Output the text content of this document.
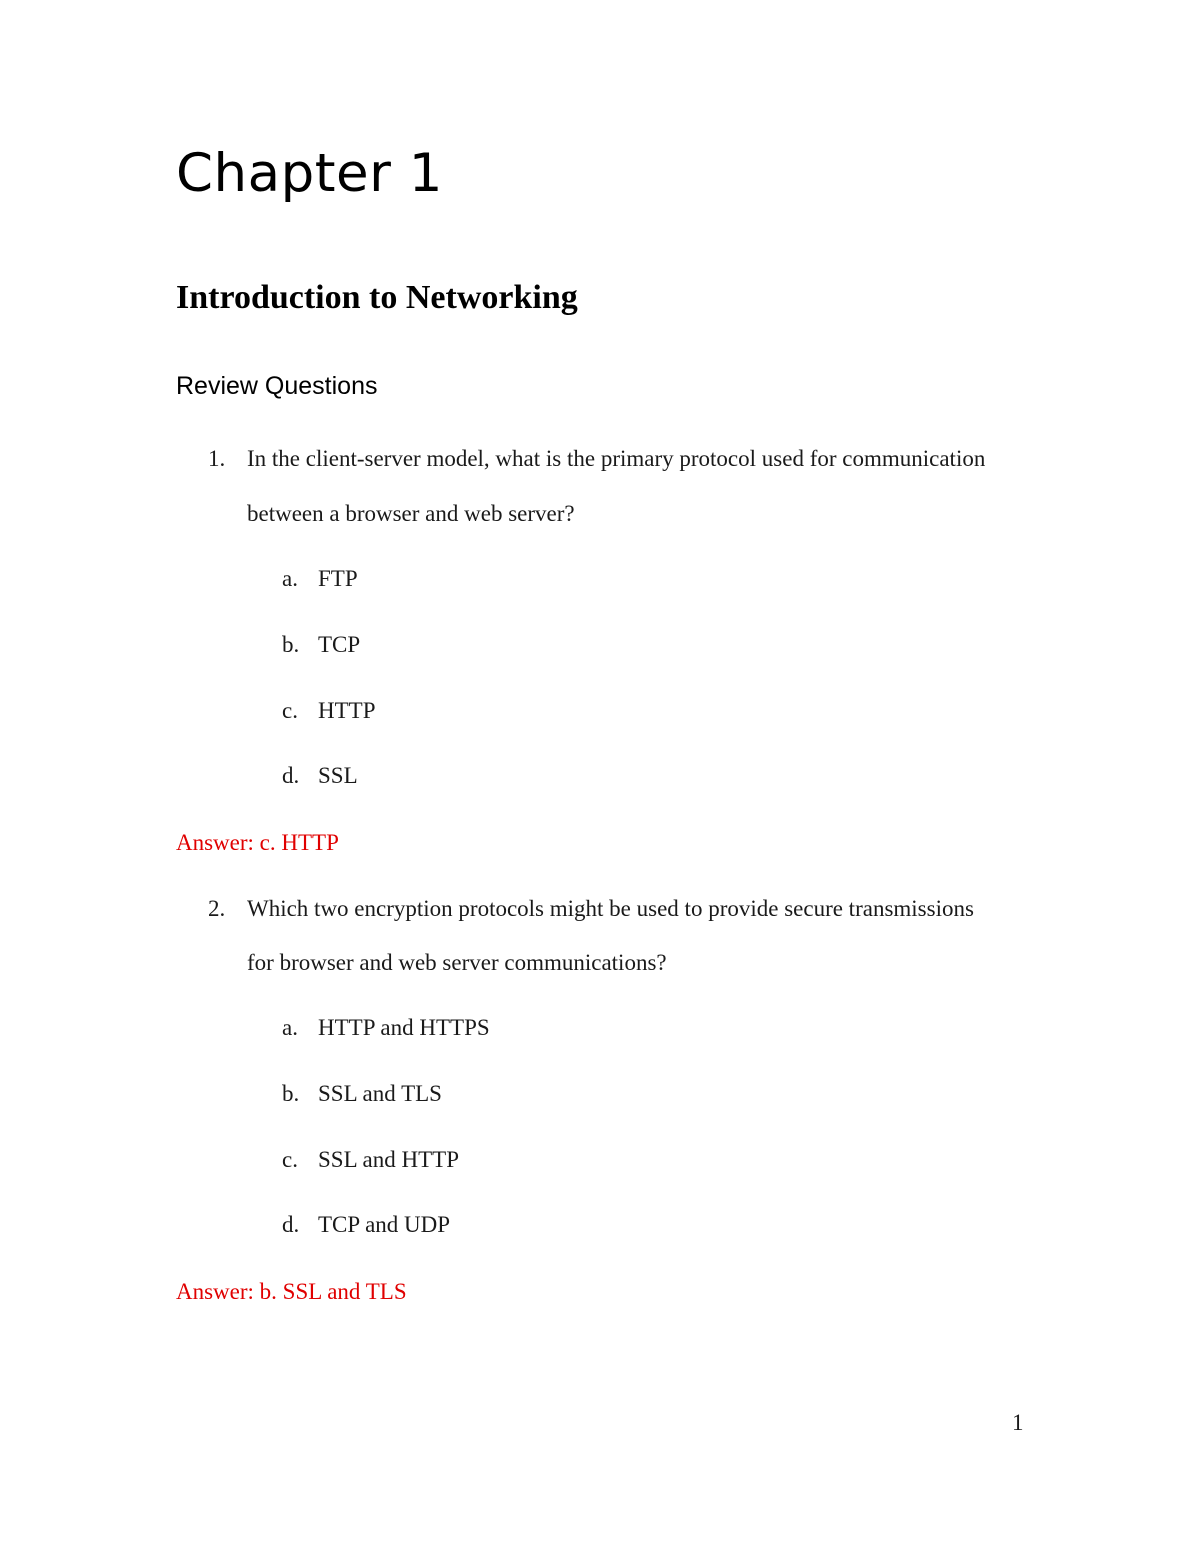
Chapter 1
Introduction to Networking
Review Questions
1. In the client-server model, what is the primary protocol used for communication
between a browser and web server?
a. FTP
b. TCP
c. HTTP
d. SSL
Answer: c. HTTP
2. Which two encryption protocols might be used to provide secure transmissions
for browser and web server communications?
a. HTTP and HTTPS
b. SSL and TLS
c. SSL and HTTP
d. TCP and UDP
Answer: b. SSL and TLS
1
